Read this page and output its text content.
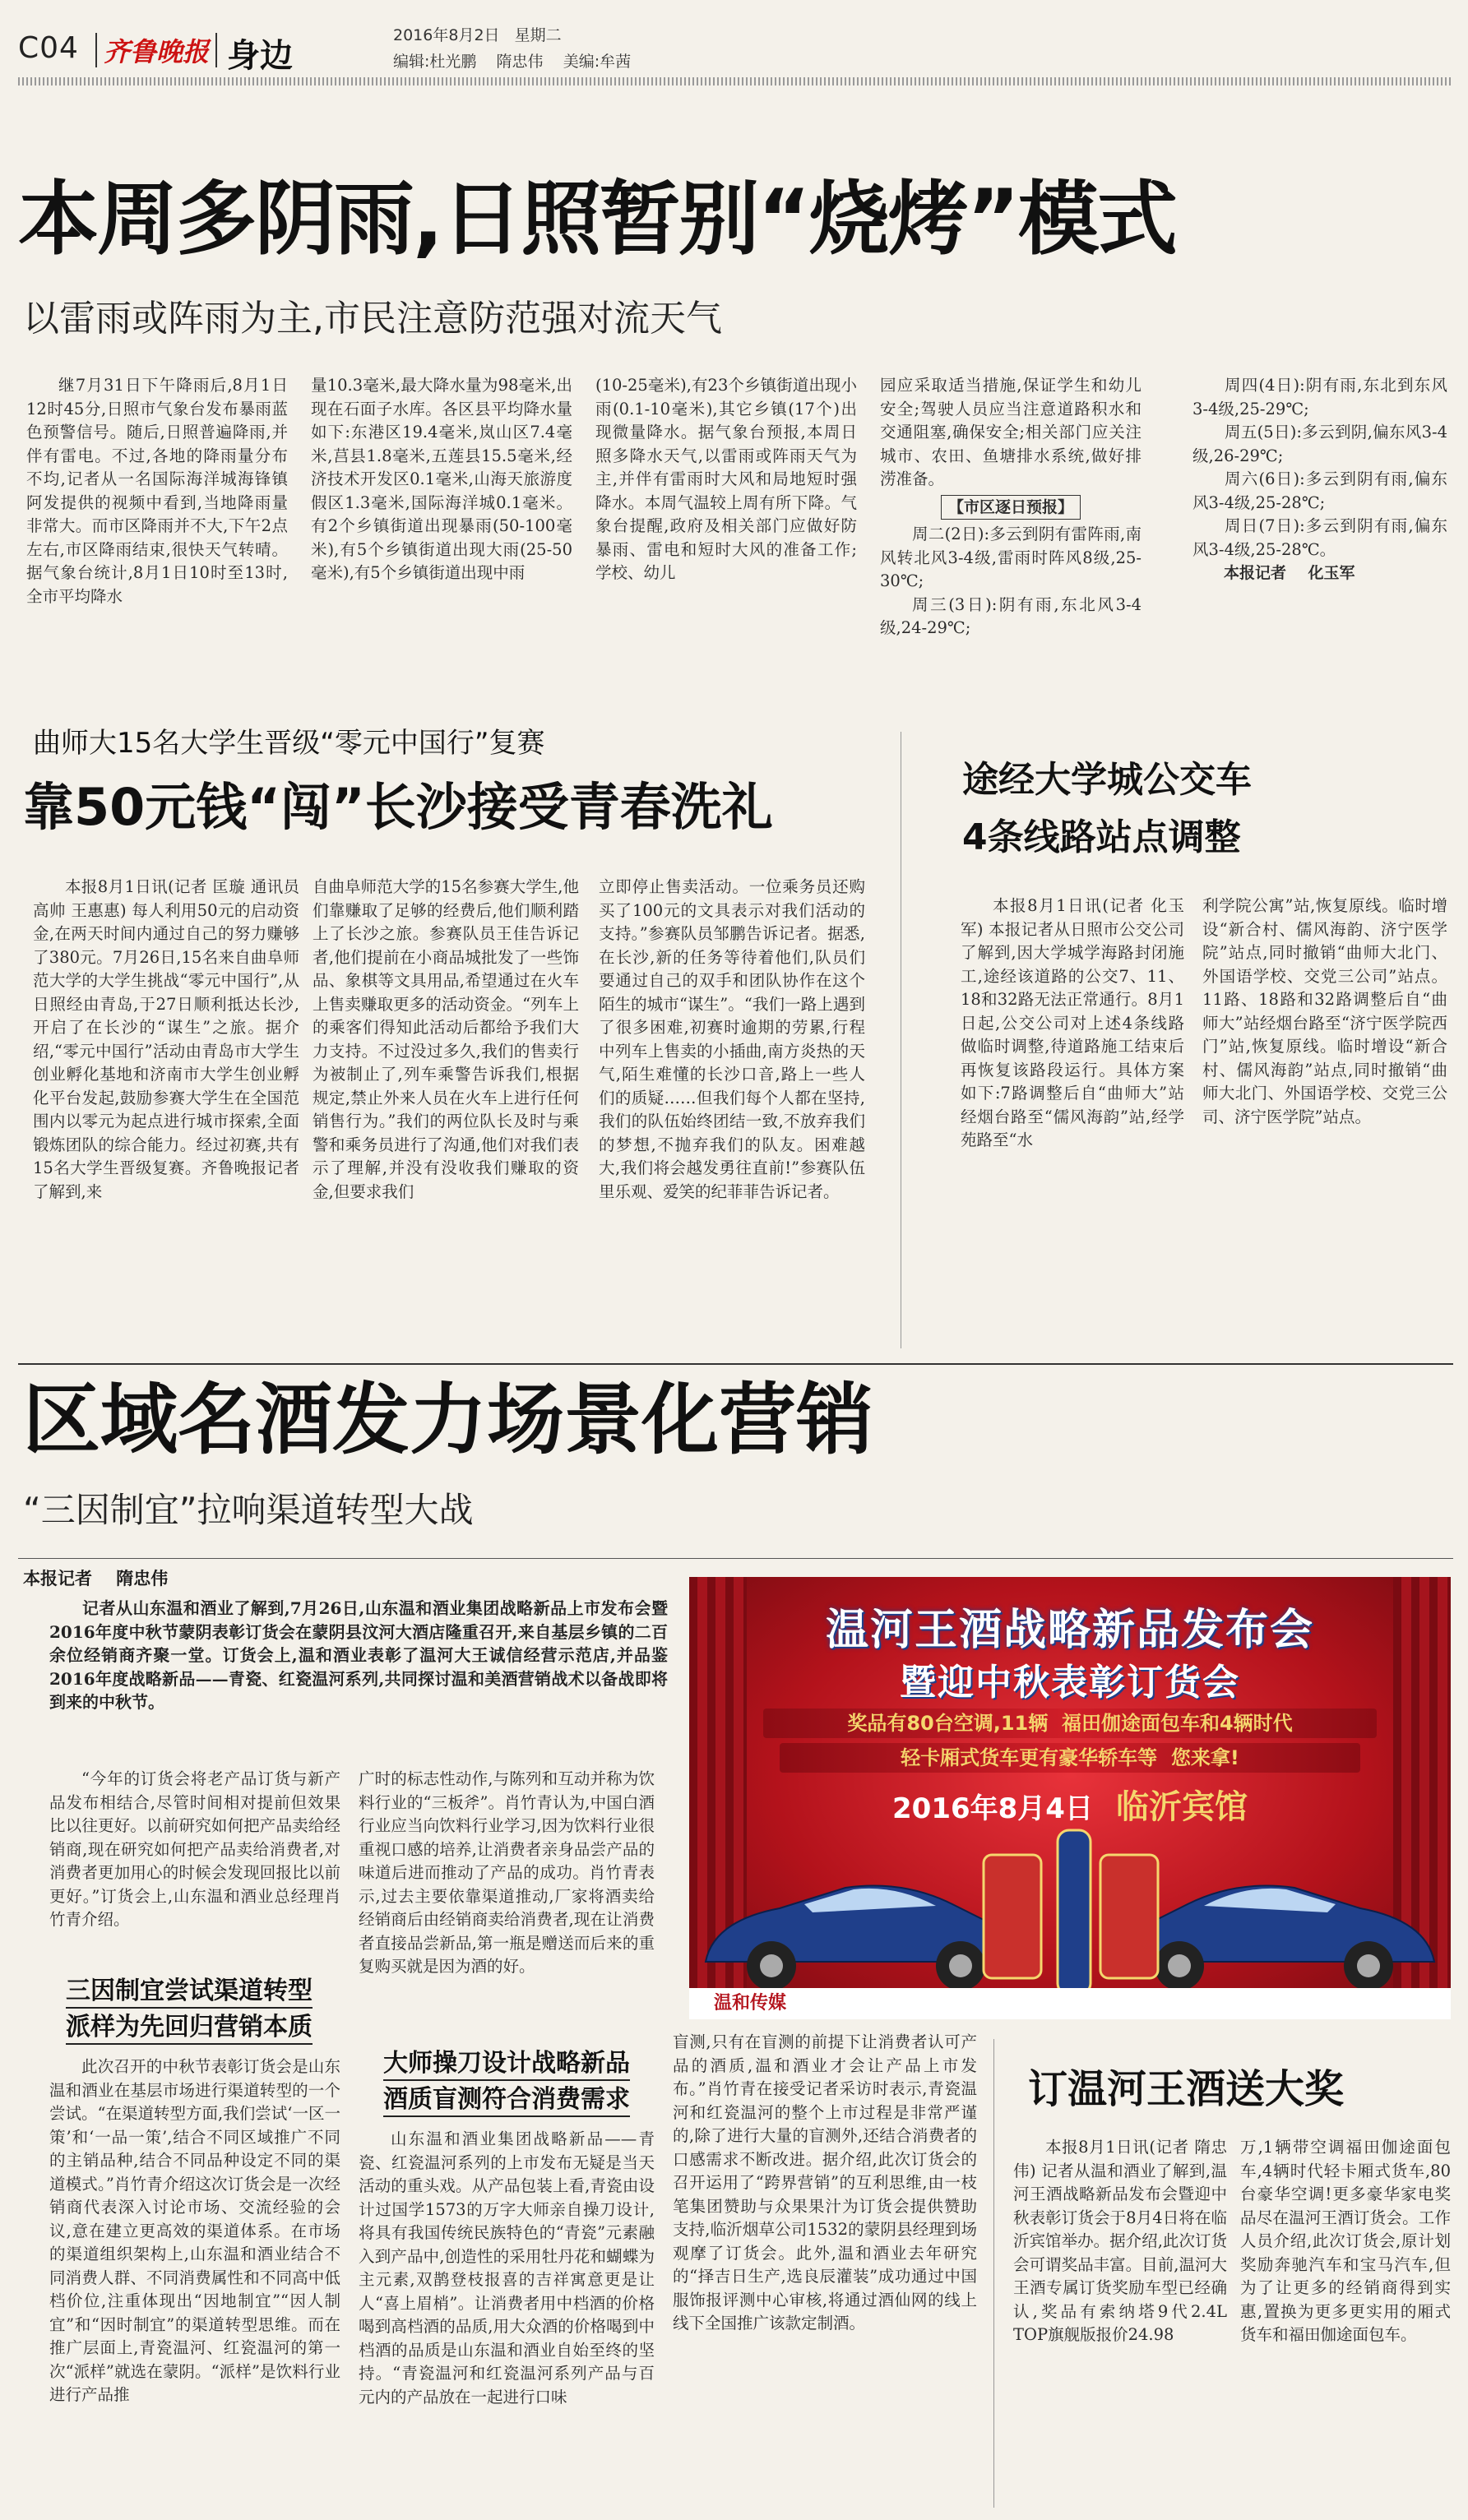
C04 齐鲁晚报 身边
2016年8月2日 星期二
编辑:杜光鹏    隋忠伟    美编:牟茜
本周多阴雨,日照暂别“烧烤”模式
以雷雨或阵雨为主,市民注意防范强对流天气

继7月31日下午降雨后,8月1日12时45分,日照市气象台发布暴雨蓝色预警信号。随后,日照普遍降雨,并伴有雷电。不过,各地的降雨量分布不均,记者从一名国际海洋城海锋镇阿发提供的视频中看到,当地降雨量非常大。而市区降雨并不大,下午2点左右,市区降雨结束,很快天气转晴。据气象台统计,8月1日10时至13时,全市平均降水

量10.3毫米,最大降水量为98毫米,出现在石面子水库。各区县平均降水量如下:东港区19.4毫米,岚山区7.4毫米,莒县1.8毫米,五莲县15.5毫米,经济技术开发区0.1毫米,山海天旅游度假区1.3毫米,国际海洋城0.1毫米。有2个乡镇街道出现暴雨(50-100毫米),有5个乡镇街道出现大雨(25-50毫米),有5个乡镇街道出现中雨

(10-25毫米),有23个乡镇街道出现小雨(0.1-10毫米),其它乡镇(17个)出现微量降水。据气象台预报,本周日照多降水天气,以雷雨或阵雨天气为主,并伴有雷雨时大风和局地短时强降水。本周气温较上周有所下降。气象台提醒,政府及相关部门应做好防暴雨、雷电和短时大风的准备工作;学校、幼儿

园应采取适当措施,保证学生和幼儿安全;驾驶人员应当注意道路积水和交通阻塞,确保安全;相关部门应关注城市、农田、鱼塘排水系统,做好排涝准备。

【市区逐日预报】

周二(2日):多云到阴有雷阵雨,南风转北风3-4级,雷雨时阵风8级,25-30℃;

周三(3日):阴有雨,东北风3-4级,24-29℃;

周四(4日):阴有雨,东北到东风3-4级,25-29℃;

周五(5日):多云到阴,偏东风3-4级,26-29℃;

周六(6日):多云到阴有雨,偏东风3-4级,25-28℃;

周日(7日):多云到阴有雨,偏东风3-4级,25-28℃。

本报记者    化玉军

曲师大15名大学生晋级“零元中国行”复赛
靠50元钱“闯”长沙接受青春洗礼

本报8月1日讯(记者 匡璇 通讯员 高帅 王惠惠) 每人利用50元的启动资金,在两天时间内通过自己的努力赚够了380元。7月26日,15名来自曲阜师范大学的大学生挑战“零元中国行”,从日照经由青岛,于27日顺利抵达长沙,开启了在长沙的“谋生”之旅。据介绍,“零元中国行”活动由青岛市大学生创业孵化基地和济南市大学生创业孵化平台发起,鼓励参赛大学生在全国范围内以零元为起点进行城市探索,全面锻炼团队的综合能力。经过初赛,共有15名大学生晋级复赛。齐鲁晚报记者了解到,来

自曲阜师范大学的15名参赛大学生,他们靠赚取了足够的经费后,他们顺利踏上了长沙之旅。参赛队员王佳告诉记者,他们提前在小商品城批发了一些饰品、象棋等文具用品,希望通过在火车上售卖赚取更多的活动资金。“列车上的乘客们得知此活动后都给予我们大力支持。不过没过多久,我们的售卖行为被制止了,列车乘警告诉我们,根据规定,禁止外来人员在火车上进行任何销售行为。”我们的两位队长及时与乘警和乘务员进行了沟通,他们对我们表示了理解,并没有没收我们赚取的资金,但要求我们

立即停止售卖活动。一位乘务员还购买了100元的文具表示对我们活动的支持。”参赛队员邹鹏告诉记者。据悉,在长沙,新的任务等待着他们,队员们要通过自己的双手和团队协作在这个陌生的城市“谋生”。“我们一路上遇到了很多困难,初赛时逾期的劳累,行程中列车上售卖的小插曲,南方炎热的天气,陌生难懂的长沙口音,路上一些人们的质疑……但我们每个人都在坚持,我们的队伍始终团结一致,不放弃我们的梦想,不抛弃我们的队友。困难越大,我们将会越发勇往直前!”参赛队伍里乐观、爱笑的纪菲菲告诉记者。

途经大学城公交车
4条线路站点调整

本报8月1日讯(记者 化玉军) 本报记者从日照市公交公司了解到,因大学城学海路封闭施工,途经该道路的公交7、11、18和32路无法正常通行。8月1日起,公交公司对上述4条线路做临时调整,待道路施工结束后再恢复该路段运行。具体方案如下:7路调整后自“曲师大”站经烟台路至“儒风海韵”站,经学苑路至“水

利学院公寓”站,恢复原线。临时增设“新合村、儒风海韵、济宁医学院”站点,同时撤销“曲师大北门、外国语学校、交党三公司”站点。11路、18路和32路调整后自“曲师大”站经烟台路至“济宁医学院西门”站,恢复原线。临时增设“新合村、儒风海韵”站点,同时撤销“曲师大北门、外国语学校、交党三公司、济宁医学院”站点。

区域名酒发力场景化营销
“三因制宜”拉响渠道转型大战
本报记者    隋忠伟

记者从山东温和酒业了解到,7月26日,山东温和酒业集团战略新品上市发布会暨2016年度中秋节蒙阴表彰订货会在蒙阴县汶河大酒店隆重召开,来自基层乡镇的二百余位经销商齐聚一堂。订货会上,温和酒业表彰了温河大王诚信经营示范店,并品鉴2016年度战略新品——青瓷、红瓷温河系列,共同探讨温和美酒营销战术以备战即将到来的中秋节。

“今年的订货会将老产品订货与新产品发布相结合,尽管时间相对提前但效果比以往更好。以前研究如何把产品卖给经销商,现在研究如何把产品卖给消费者,对消费者更加用心的时候会发现回报比以前更好。”订货会上,山东温和酒业总经理肖竹青介绍。

三因制宜尝试渠道转型
派样为先回归营销本质

此次召开的中秋节表彰订货会是山东温和酒业在基层市场进行渠道转型的一个尝试。“在渠道转型方面,我们尝试‘一区一策’和‘一品一策’,结合不同区域推广不同的主销品种,结合不同品种设定不同的渠道模式。”肖竹青介绍这次订货会是一次经销商代表深入讨论市场、交流经验的会议,意在建立更高效的渠道体系。在市场的渠道组织架构上,山东温和酒业结合不同消费人群、不同消费属性和不同高中低档价位,注重体现出“因地制宜”“因人制宜”和“因时制宜”的渠道转型思维。而在推广层面上,青瓷温河、红瓷温河的第一次“派样”就选在蒙阴。“派样”是饮料行业进行产品推

广时的标志性动作,与陈列和互动并称为饮料行业的“三板斧”。肖竹青认为,中国白酒行业应当向饮料行业学习,因为饮料行业很重视口感的培养,让消费者亲身品尝产品的味道后进而推动了产品的成功。肖竹青表示,过去主要依靠渠道推动,厂家将酒卖给经销商后由经销商卖给消费者,现在让消费者直接品尝新品,第一瓶是赠送而后来的重复购买就是因为酒的好。

大师操刀设计战略新品
酒质盲测符合消费需求

山东温和酒业集团战略新品——青瓷、红瓷温河系列的上市发布无疑是当天活动的重头戏。从产品包装上看,青瓷由设计过国学1573的万字大师亲自操刀设计,将具有我国传统民族特色的“青瓷”元素融入到产品中,创造性的采用牡丹花和蝴蝶为主元素,双鹊登枝报喜的吉祥寓意更是让人“喜上眉梢”。让消费者用中档酒的价格喝到高档酒的品质,用大众酒的价格喝到中档酒的品质是山东温和酒业自始至终的坚持。“青瓷温河和红瓷温河系列产品与百元内的产品放在一起进行口味

盲测,只有在盲测的前提下让消费者认可产品的酒质,温和酒业才会让产品上市发布。”肖竹青在接受记者采访时表示,青瓷温河和红瓷温河的整个上市过程是非常严谨的,除了进行大量的盲测外,还结合消费者的口感需求不断改进。据介绍,此次订货会的召开运用了“跨界营销”的互利思维,由一枝笔集团赞助与众果果汁为订货会提供赞助支持,临沂烟草公司1532的蒙阴县经理到场观摩了订货会。此外,温和酒业去年研究的“择吉日生产,选良辰灌装”成功通过中国服饰报评测中心审核,将通过酒仙网的线上线下全国推广该款定制酒。

温河王酒战略新品发布会
暨迎中秋表彰订货会
奖品有80台空调,11辆  福田伽途面包车和4辆时代
轻卡厢式货车更有豪华轿车等  您来拿!
2016年8月4日 临沂宾馆
温和传媒
订温河王酒送大奖

本报8月1日讯(记者 隋忠伟) 记者从温和酒业了解到,温河王酒战略新品发布会暨迎中秋表彰订货会于8月4日将在临沂宾馆举办。据介绍,此次订货会可谓奖品丰富。目前,温河大王酒专属订货奖励车型已经确认,奖品有索纳塔9代2.4L TOP旗舰版报价24.98

万,1辆带空调福田伽途面包车,4辆时代轻卡厢式货车,80台豪华空调!更多豪华家电奖品尽在温河王酒订货会。工作人员介绍,此次订货会,原计划奖励奔驰汽车和宝马汽车,但为了让更多的经销商得到实惠,置换为更多更实用的厢式货车和福田伽途面包车。
